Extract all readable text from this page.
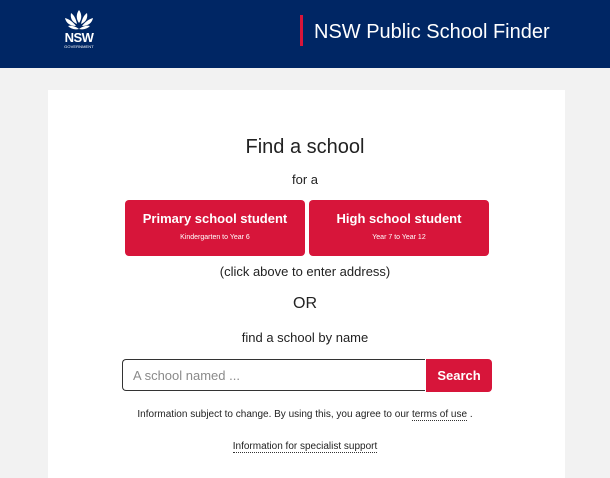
NSW
GOVERNMENT
NSW Public School Finder
Find a school
for a
Primary school student
Kindergarten to Year 6
High school student
Year 7 to Year 12
(click above to enter address)
OR
find a school by name
A school named ...
Search
Information subject to change. By using this, you agree to our terms of use .
Information for specialist support
